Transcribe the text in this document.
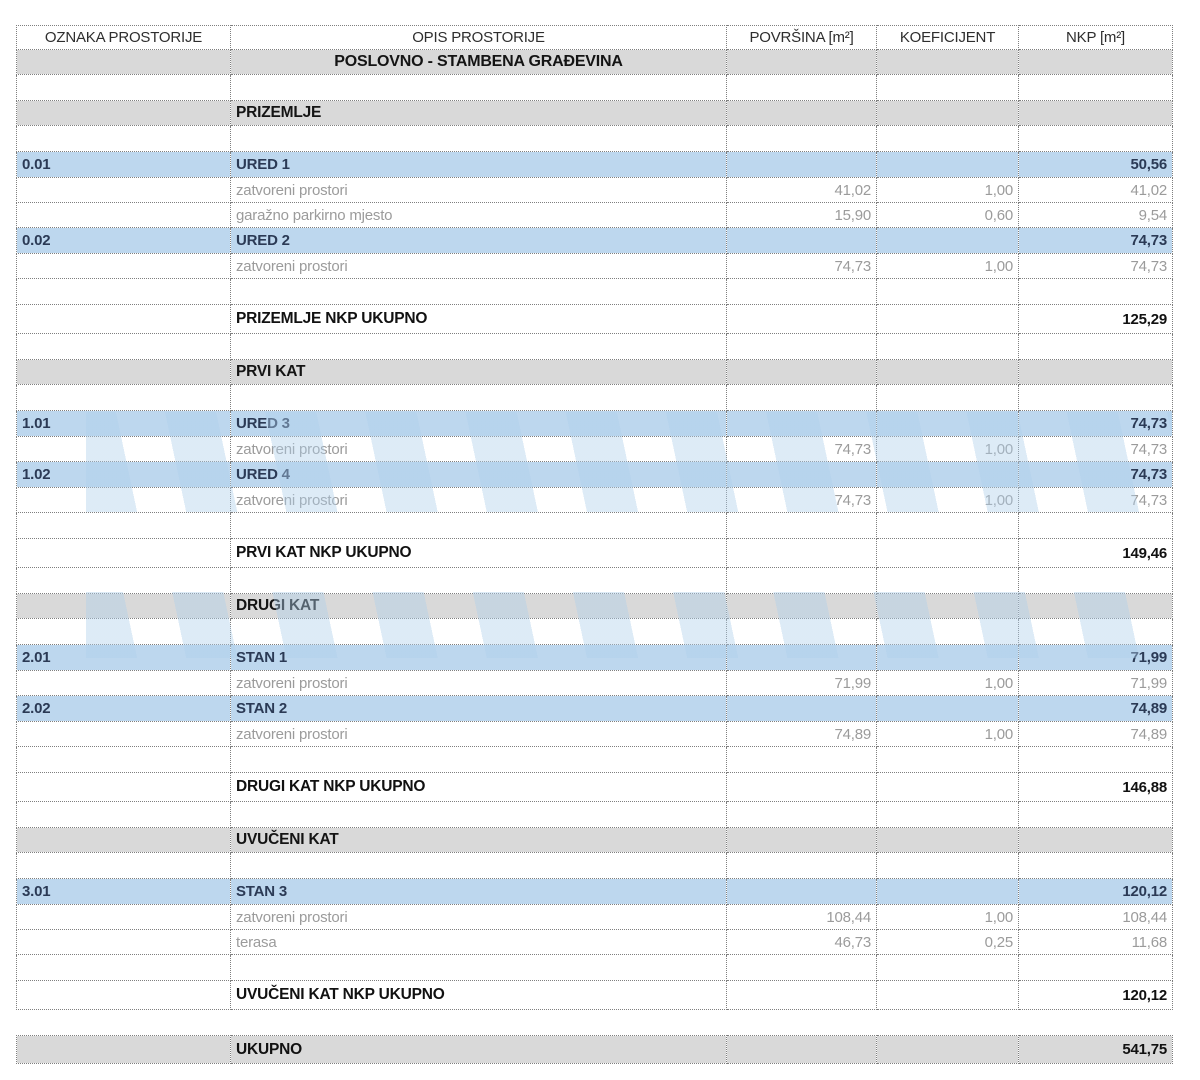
OZNAKA PROSTORIJE	OPIS PROSTORIJE	POVRŠINA [m²]	KOEFICIJENT	NKP [m²]
	POSLOVNO - STAMBENA GRAĐEVINA			

	PRIZEMLJE			

0.01	URED 1			50,56
	zatvoreni prostori	41,02	1,00	41,02
	garažno parkirno mjesto	15,90	0,60	9,54
0.02	URED 2			74,73
	zatvoreni prostori	74,73	1,00	74,73

	PRIZEMLJE NKP UKUPNO			125,29

	PRVI KAT			

1.01	URED 3			74,73
	zatvoreni prostori	74,73	1,00	74,73
1.02	URED 4			74,73
	zatvoreni prostori	74,73	1,00	74,73

	PRVI KAT NKP UKUPNO			149,46

	DRUGI KAT			

2.01	STAN 1			71,99
	zatvoreni prostori	71,99	1,00	71,99
2.02	STAN 2			74,89
	zatvoreni prostori	74,89	1,00	74,89

	DRUGI KAT NKP UKUPNO			146,88

	UVUČENI KAT			

3.01	STAN 3			120,12
	zatvoreni prostori	108,44	1,00	108,44
	terasa	46,73	0,25	11,68

	UVUČENI KAT NKP UKUPNO			120,12

	UKUPNO			541,75
